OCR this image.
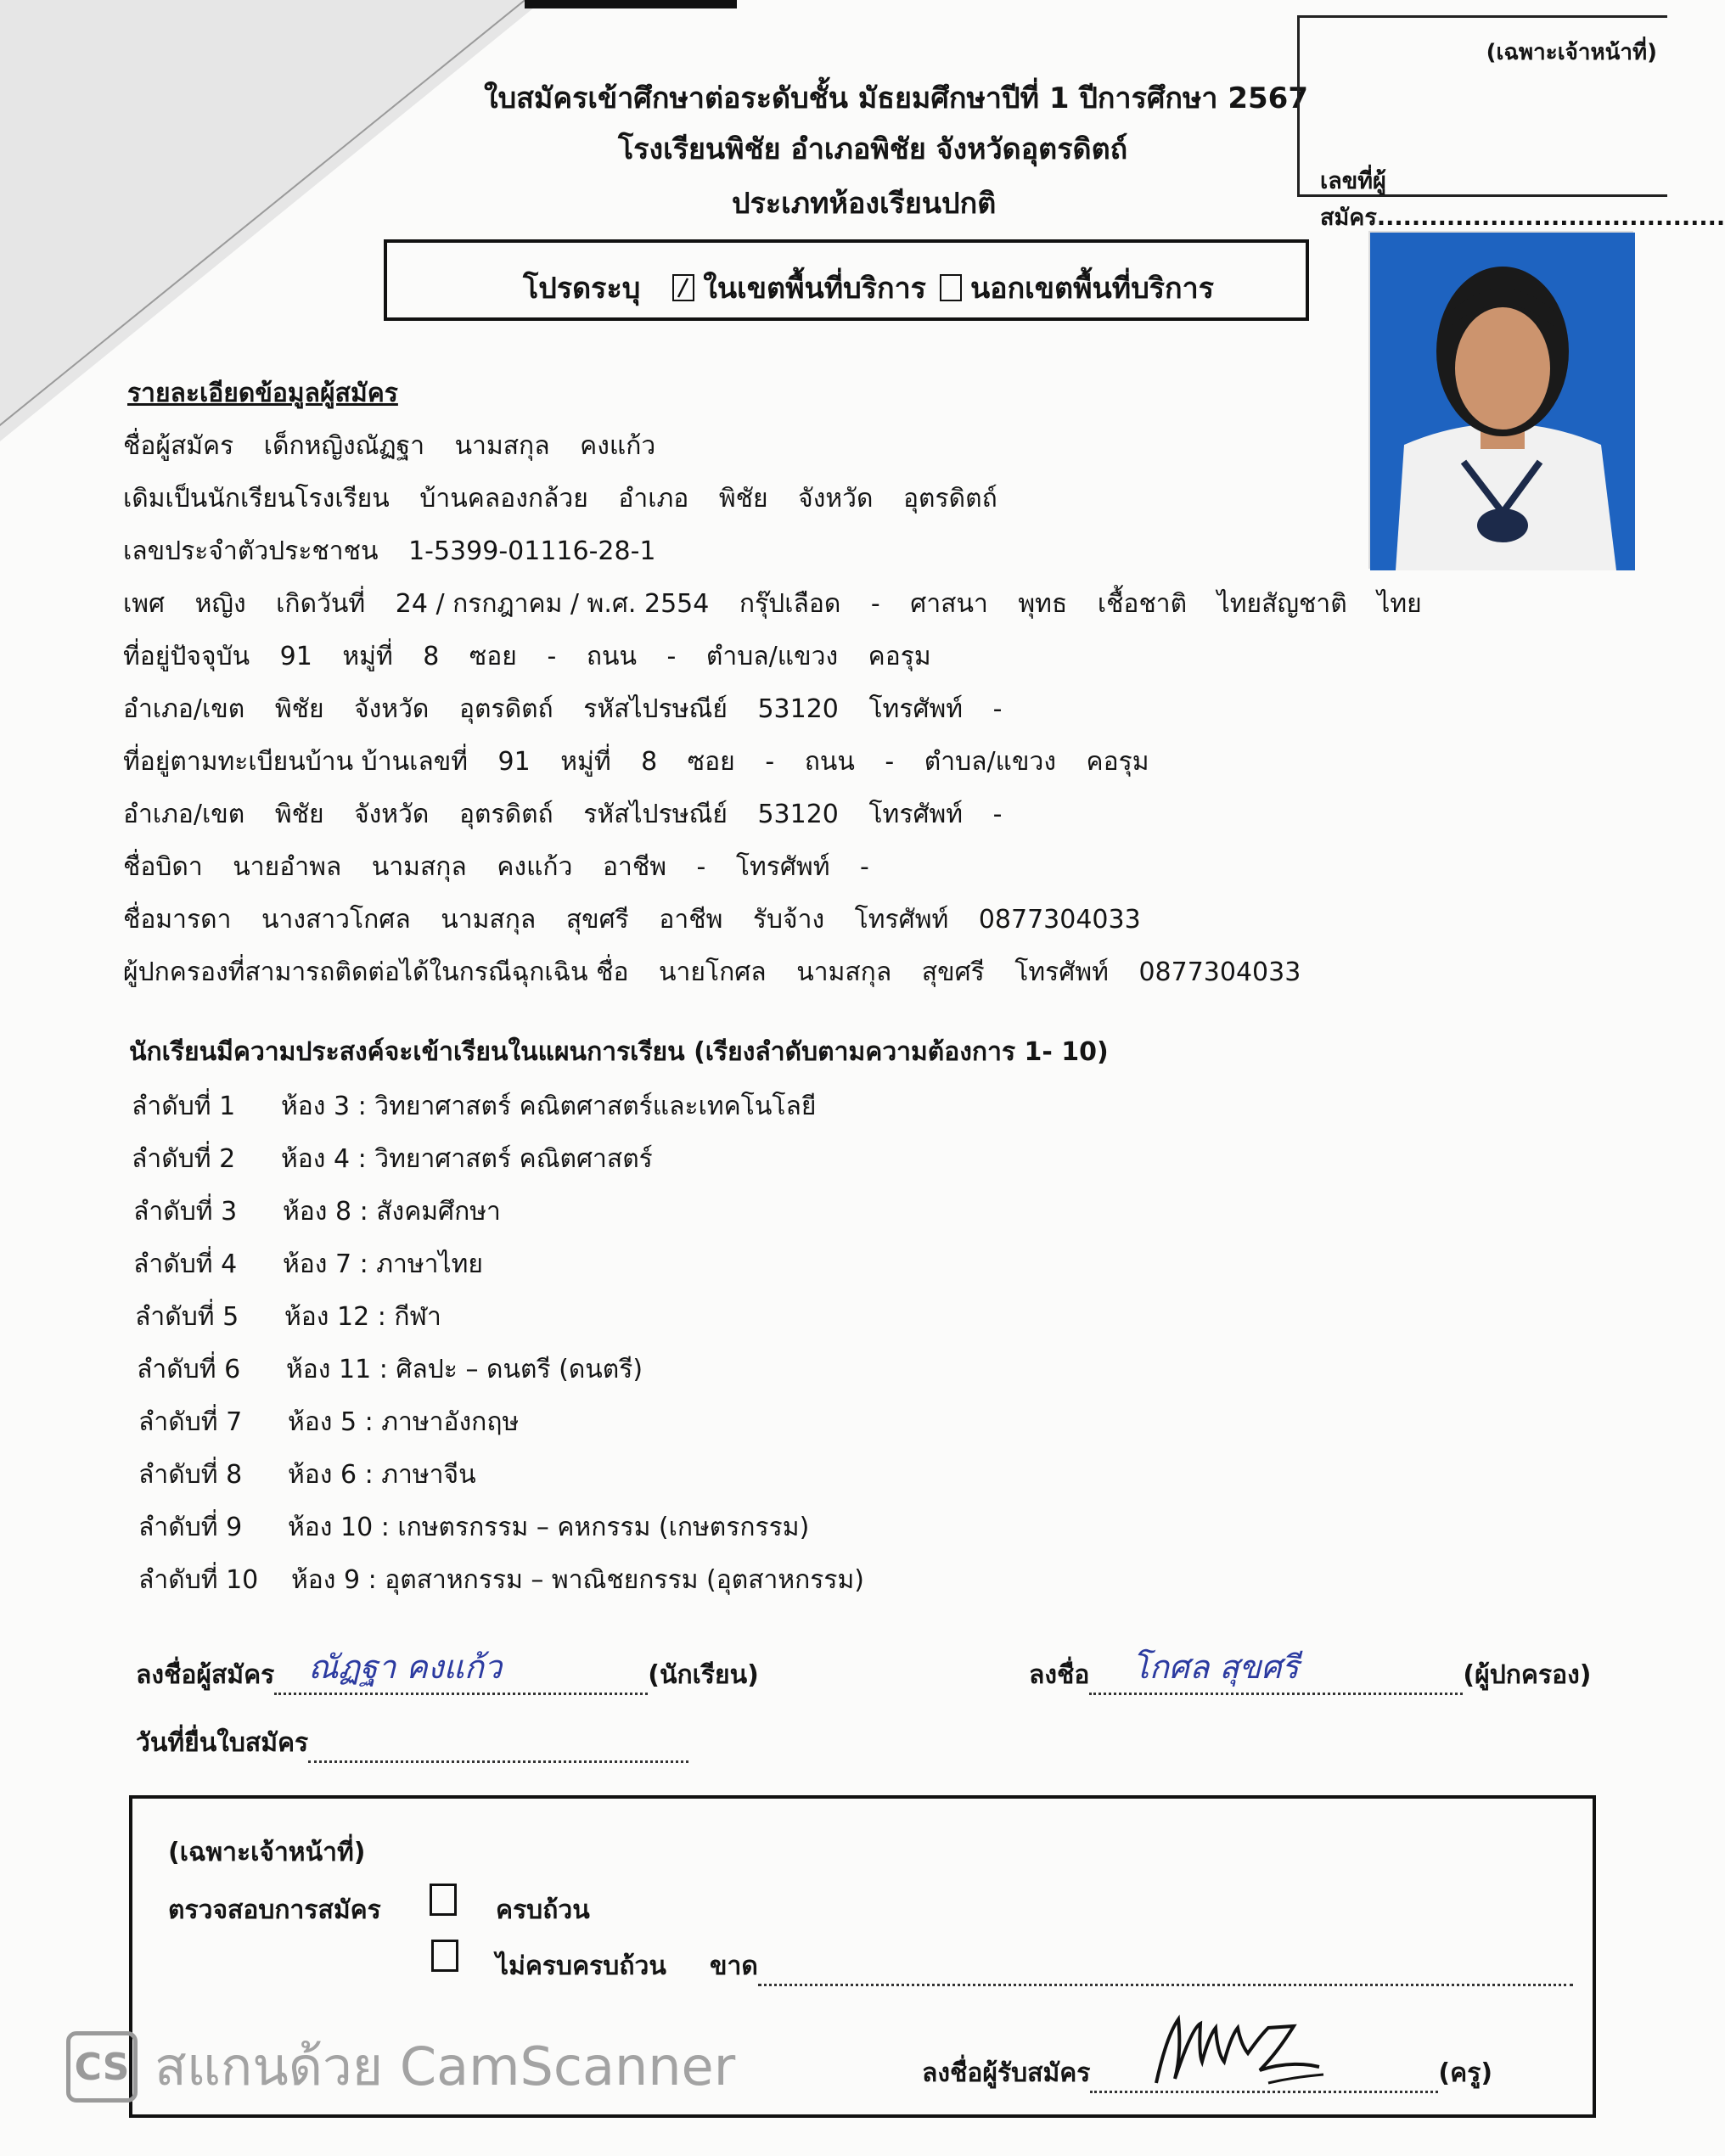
ใบสมัครเข้าศึกษาต่อระดับชั้น มัธยมศึกษาปีที่ 1 ปีการศึกษา 2567
โรงเรียนพิชัย อำเภอพิชัย จังหวัดอุตรดิตถ์
ประเภทห้องเรียนปกติ
(เฉพาะเจ้าหน้าที่)
เลขที่ผู้สมัคร........................................
โปรดระบุ ในเขตพื้นที่บริการ นอกเขตพื้นที่บริการ
รายละเอียดข้อมูลผู้สมัคร
ชื่อผู้สมัคร เด็กหญิงณัฏฐา นามสกุล คงแก้ว
เดิมเป็นนักเรียนโรงเรียน บ้านคลองกล้วย อำเภอ พิชัย จังหวัด อุตรดิตถ์
เลขประจำตัวประชาชน 1-5399-01116-28-1
เพศ หญิง เกิดวันที่ 24 / กรกฎาคม / พ.ศ. 2554 กรุ๊ปเลือด - ศาสนา พุทธ เชื้อชาติ ไทยสัญชาติ ไทย
ที่อยู่ปัจจุบัน 91 หมู่ที่ 8 ซอย - ถนน - ตำบล/แขวง คอรุม
อำเภอ/เขต พิชัย จังหวัด อุตรดิตถ์ รหัสไปรษณีย์ 53120 โทรศัพท์ -
ที่อยู่ตามทะเบียนบ้าน บ้านเลขที่ 91 หมู่ที่ 8 ซอย - ถนน - ตำบล/แขวง คอรุม
อำเภอ/เขต พิชัย จังหวัด อุตรดิตถ์ รหัสไปรษณีย์ 53120 โทรศัพท์ -
ชื่อบิดา นายอำพล นามสกุล คงแก้ว อาชีพ - โทรศัพท์ -
ชื่อมารดา นางสาวโกศล นามสกุล สุขศรี อาชีพ รับจ้าง โทรศัพท์ 0877304033
ผู้ปกครองที่สามารถติดต่อได้ในกรณีฉุกเฉิน ชื่อ นายโกศล นามสกุล สุขศรี โทรศัพท์ 0877304033
นักเรียนมีความประสงค์จะเข้าเรียนในแผนการเรียน (เรียงลำดับตามความต้องการ 1- 10)
ลำดับที่ 1 ห้อง 3 : วิทยาศาสตร์ คณิตศาสตร์และเทคโนโลยี
ลำดับที่ 2 ห้อง 4 : วิทยาศาสตร์ คณิตศาสตร์
ลำดับที่ 3 ห้อง 8 : สังคมศึกษา
ลำดับที่ 4 ห้อง 7 : ภาษาไทย
ลำดับที่ 5 ห้อง 12 : กีฬา
ลำดับที่ 6 ห้อง 11 : ศิลปะ – ดนตรี (ดนตรี)
ลำดับที่ 7 ห้อง 5 : ภาษาอังกฤษ
ลำดับที่ 8 ห้อง 6 : ภาษาจีน
ลำดับที่ 9 ห้อง 10 : เกษตรกรรม – คหกรรม (เกษตรกรรม)
ลำดับที่ 10 ห้อง 9 : อุตสาหกรรม – พาณิชยกรรม (อุตสาหกรรม)
ลงชื่อผู้สมัคร ณัฏฐา คงแก้ว	(นักเรียน)	ลงชื่อ โกศล สุขศรี	(ผู้ปกครอง)
วันที่ยื่นใบสมัคร
(เฉพาะเจ้าหน้าที่)
ตรวจสอบการสมัคร	ครบถ้วน
ไม่ครบครบถ้วน ขาด
ลงชื่อผู้รับสมัคร	(ครู)
CS สแกนด้วย CamScanner
